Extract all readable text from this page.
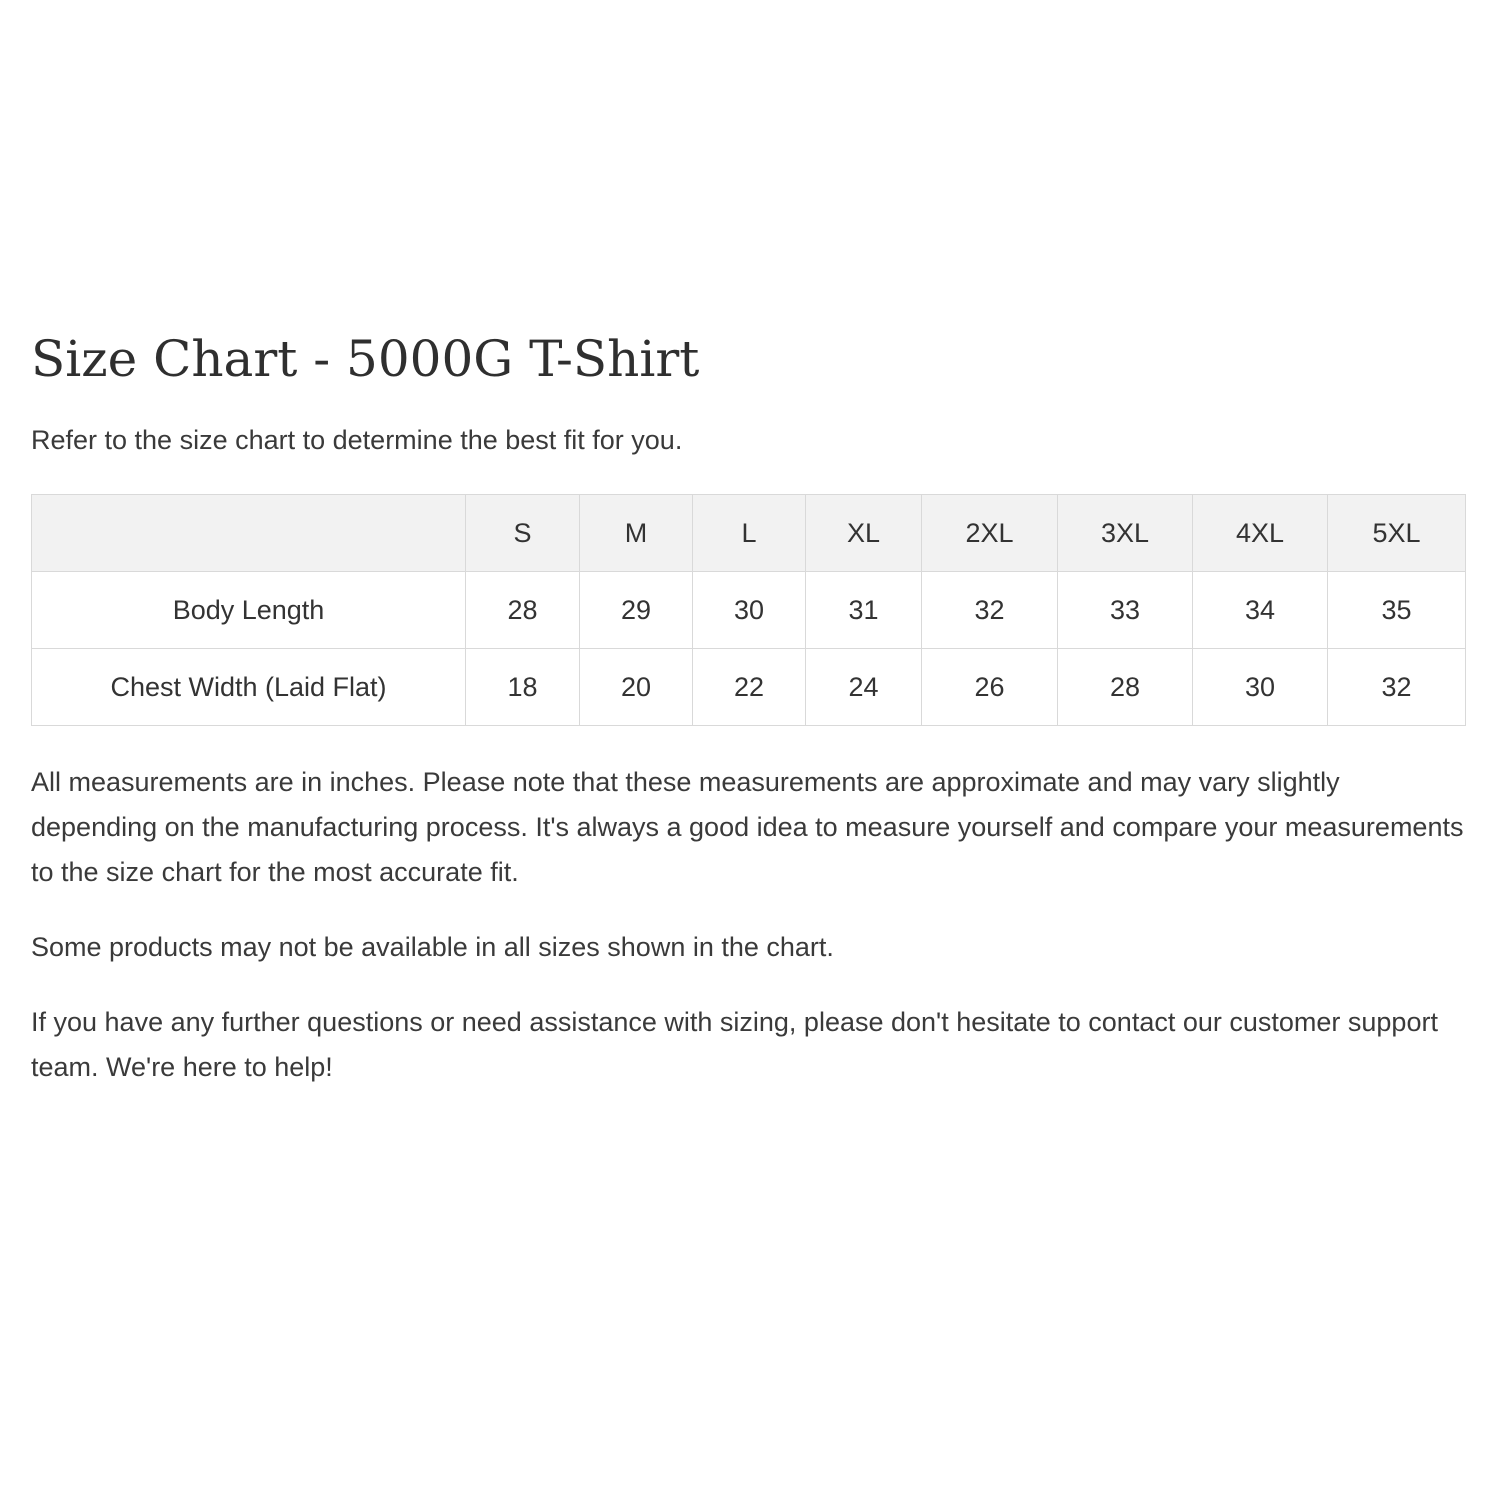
Size Chart - 5000G T-Shirt
Refer to the size chart to determine the best fit for you.
	S	M	L	XL	2XL	3XL	4XL	5XL
Body Length	28	29	30	31	32	33	34	35
Chest Width (Laid Flat)	18	20	22	24	26	28	30	32

All measurements are in inches. Please note that these measurements are approximate and may vary slightly depending on the manufacturing process. It's always a good idea to measure yourself and compare your measurements to the size chart for the most accurate fit.

Some products may not be available in all sizes shown in the chart.

If you have any further questions or need assistance with sizing, please don't hesitate to contact our customer support team. We're here to help!
